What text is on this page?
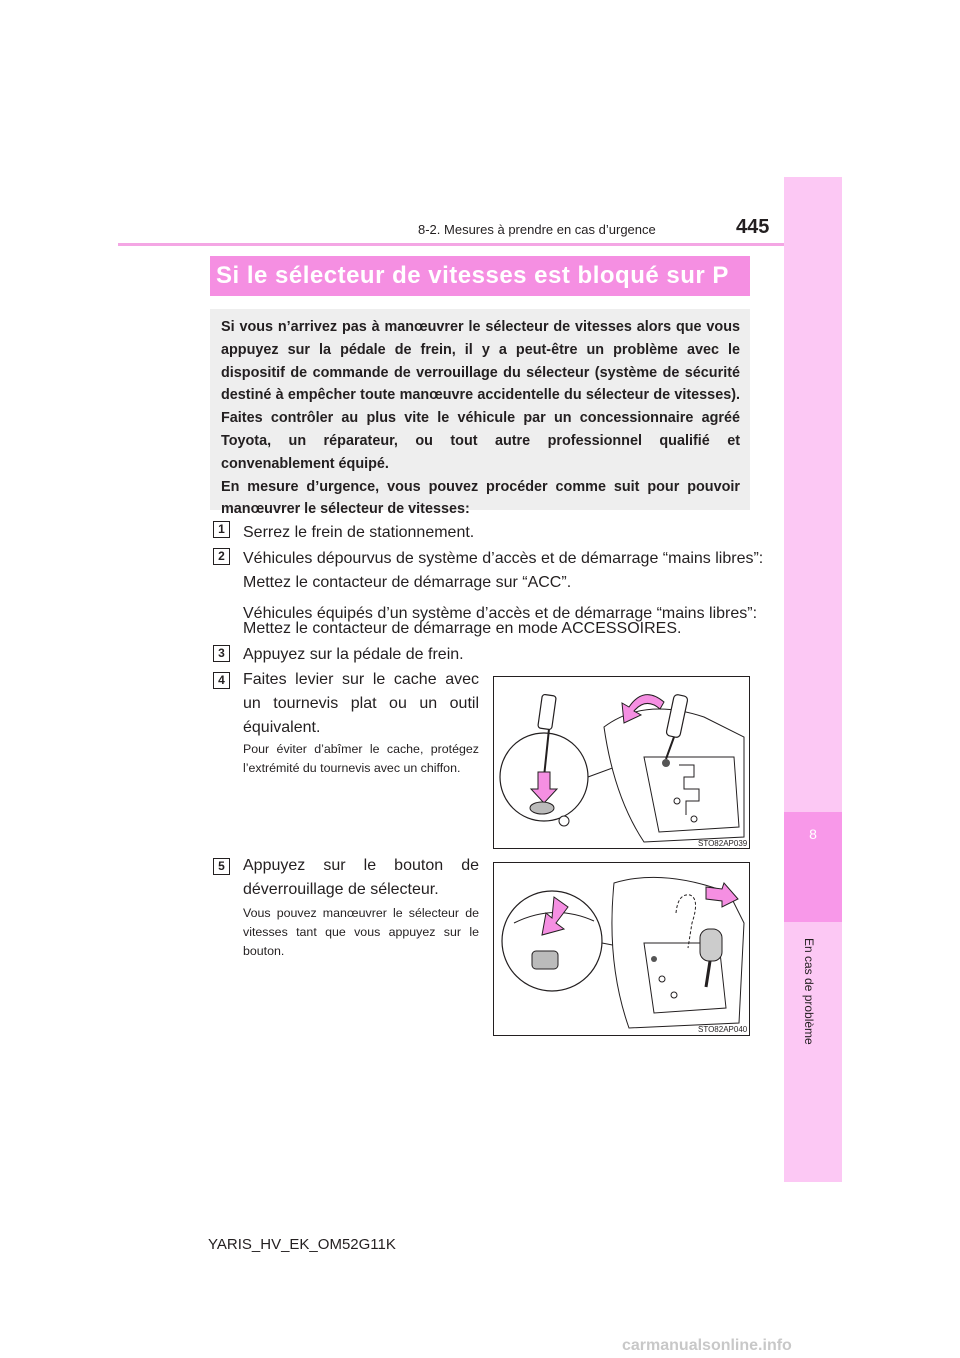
8-2. Mesures à prendre en cas d’urgence	445
8
En cas de problème
Si le sélecteur de vitesses est bloqué sur P

Si vous n’arrivez pas à manœuvrer le sélecteur de vitesses alors que vous appuyez sur la pédale de frein, il y a peut-être un problème avec le dispositif de commande de verrouillage du sélecteur (système de sécurité destiné à empêcher toute manœuvre accidentelle du sélecteur de vitesses). Faites contrôler au plus vite le véhicule par un concessionnaire agréé Toyota, un réparateur, ou tout autre professionnel qualifié et convenablement équipé.

En mesure d’urgence, vous pouvez procéder comme suit pour pouvoir manœuvrer le sélecteur de vitesses:

1	Serrez le frein de stationnement.
2	Véhicules dépourvus de système d’accès et de démarrage “mains libres”:
Mettez le contacteur de démarrage sur “ACC”.
Véhicules équipés d’un système d’accès et de démarrage “mains libres”:
Mettez le contacteur de démarrage en mode ACCESSOIRES.
3	Appuyez sur la pédale de frein.
4	Faites levier sur le cache avec un tournevis plat ou un outil équivalent.
Pour éviter d’abîmer le cache, protégez l’extrémité du tournevis avec un chiffon.
STO82AP039
5	Appuyez sur le bouton de déverrouillage de sélecteur.
Vous pouvez manœuvrer le sélecteur de vitesses tant que vous appuyez sur le bouton.
STO82AP040
YARIS_HV_EK_OM52G11K
carmanualsonline.info
